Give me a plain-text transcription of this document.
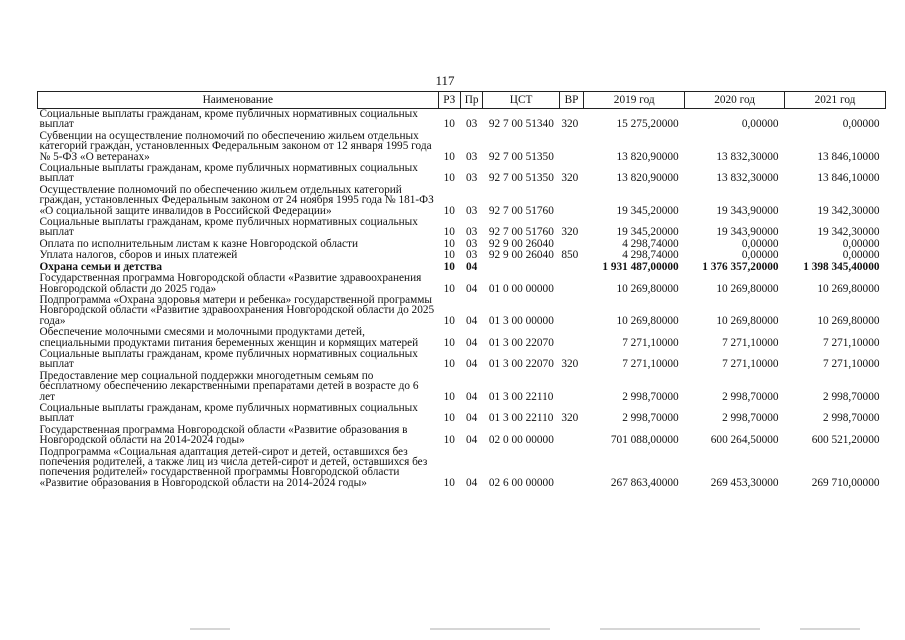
117
Наименование	РЗ	Пр	ЦСТ	ВР	2019 год	2020 год	2021 год
Социальные выплаты гражданам, кроме публичных нормативных социальных выплат	10	03	92 7 00 51340	320	15 275,20000	0,00000	0,00000
Субвенции на осуществление полномочий по обеспечению жильем отдельных категорий граждан, установленных Федеральным законом от 12 января 1995 года № 5-ФЗ «О ветеранах»	10	03	92 7 00 51350		13 820,90000	13 832,30000	13 846,10000
Социальные выплаты гражданам, кроме публичных нормативных социальных выплат	10	03	92 7 00 51350	320	13 820,90000	13 832,30000	13 846,10000
Осуществление полномочий по обеспечению жильем отдельных категорий граждан, установленных Федеральным законом от 24 ноября 1995 года № 181-ФЗ «О социальной защите инвалидов в Российской Федерации»	10	03	92 7 00 51760		19 345,20000	19 343,90000	19 342,30000
Социальные выплаты гражданам, кроме публичных нормативных социальных выплат	10	03	92 7 00 51760	320	19 345,20000	19 343,90000	19 342,30000
Оплата по исполнительным листам к казне Новгородской области	10	03	92 9 00 26040		4 298,74000	0,00000	0,00000
Уплата налогов, сборов и иных платежей	10	03	92 9 00 26040	850	4 298,74000	0,00000	0,00000
Охрана семьи и детства	10	04			1 931 487,00000	1 376 357,20000	1 398 345,40000
Государственная программа Новгородской области «Развитие здравоохранения Новгородской области до 2025 года»	10	04	01 0 00 00000		10 269,80000	10 269,80000	10 269,80000
Подпрограмма «Охрана здоровья матери и ребенка» государственной программы Новгородской области «Развитие здравоохранения Новгородской области до 2025 года»	10	04	01 3 00 00000		10 269,80000	10 269,80000	10 269,80000
Обеспечение молочными смесями и молочными продуктами детей, специальными продуктами питания беременных женщин и кормящих матерей	10	04	01 3 00 22070		7 271,10000	7 271,10000	7 271,10000
Социальные выплаты гражданам, кроме публичных нормативных социальных выплат	10	04	01 3 00 22070	320	7 271,10000	7 271,10000	7 271,10000
Предоставление мер социальной поддержки многодетным семьям по бесплатному обеспечению лекарственными препаратами детей в возрасте до 6 лет	10	04	01 3 00 22110		2 998,70000	2 998,70000	2 998,70000
Социальные выплаты гражданам, кроме публичных нормативных социальных выплат	10	04	01 3 00 22110	320	2 998,70000	2 998,70000	2 998,70000
Государственная программа Новгородской области «Развитие образования в Новгородской области на 2014-2024 годы»	10	04	02 0 00 00000		701 088,00000	600 264,50000	600 521,20000
Подпрограмма «Социальная адаптация детей-сирот и детей, оставшихся без попечения родителей, а также лиц из числа детей-сирот и детей, оставшихся без попечения родителей» государственной программы Новгородской области «Развитие образования в Новгородской области на 2014-2024 годы»	10	04	02 6 00 00000		267 863,40000	269 453,30000	269 710,00000
